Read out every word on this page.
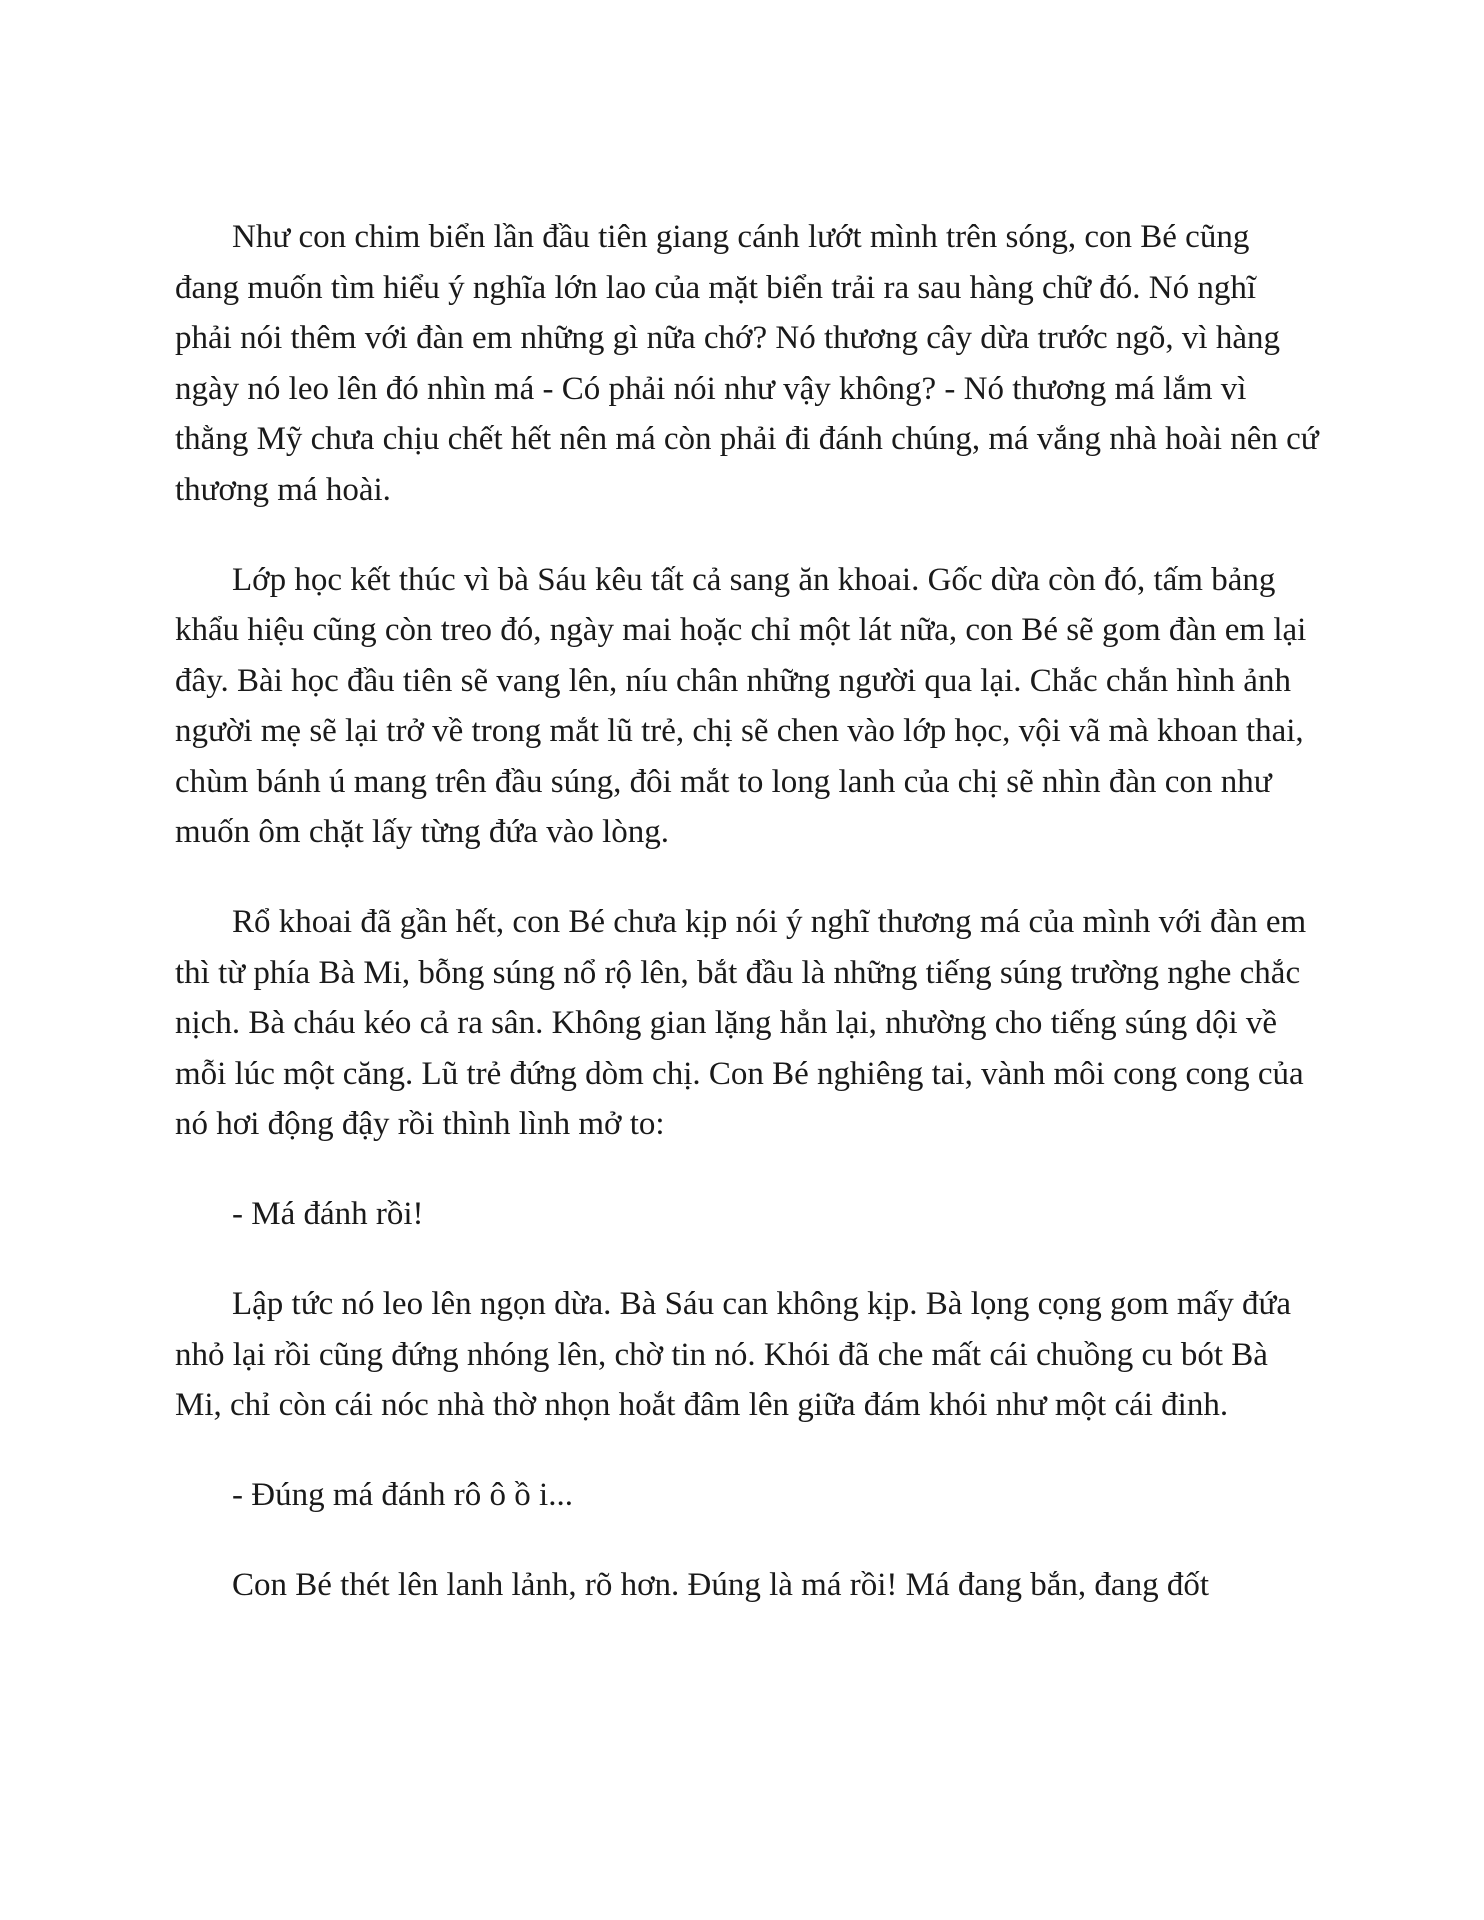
Như con chim biển lần đầu tiên giang cánh lướt mình trên sóng, con Bé cũng đang muốn tìm hiểu ý nghĩa lớn lao của mặt biển trải ra sau hàng chữ đó. Nó nghĩ phải nói thêm với đàn em những gì nữa chớ? Nó thương cây dừa trước ngõ, vì hàng ngày nó leo lên đó nhìn má - Có phải nói như vậy không? - Nó thương má lắm vì thằng Mỹ chưa chịu chết hết nên má còn phải đi đánh chúng, má vắng nhà hoài nên cứ thương má hoài.

Lớp học kết thúc vì bà Sáu kêu tất cả sang ăn khoai. Gốc dừa còn đó, tấm bảng khẩu hiệu cũng còn treo đó, ngày mai hoặc chỉ một lát nữa, con Bé sẽ gom đàn em lại đây. Bài học đầu tiên sẽ vang lên, níu chân những người qua lại. Chắc chắn hình ảnh người mẹ sẽ lại trở về trong mắt lũ trẻ, chị sẽ chen vào lớp học, vội vã mà khoan thai, chùm bánh ú mang trên đầu súng, đôi mắt to long lanh của chị sẽ nhìn đàn con như muốn ôm chặt lấy từng đứa vào lòng.

Rổ khoai đã gần hết, con Bé chưa kịp nói ý nghĩ thương má của mình với đàn em thì từ phía Bà Mi, bỗng súng nổ rộ lên, bắt đầu là những tiếng súng trường nghe chắc nịch. Bà cháu kéo cả ra sân. Không gian lặng hẳn lại, nhường cho tiếng súng dội về mỗi lúc một căng. Lũ trẻ đứng dòm chị. Con Bé nghiêng tai, vành môi cong cong của nó hơi động đậy rồi thình lình mở to:

- Má đánh rồi!

Lập tức nó leo lên ngọn dừa. Bà Sáu can không kịp. Bà lọng cọng gom mấy đứa nhỏ lại rồi cũng đứng nhóng lên, chờ tin nó. Khói đã che mất cái chuồng cu bót Bà Mi, chỉ còn cái nóc nhà thờ nhọn hoắt đâm lên giữa đám khói như một cái đinh.

- Đúng má đánh rô ô ồ i...

Con Bé thét lên lanh lảnh, rõ hơn. Đúng là má rồi! Má đang bắn, đang đốt
